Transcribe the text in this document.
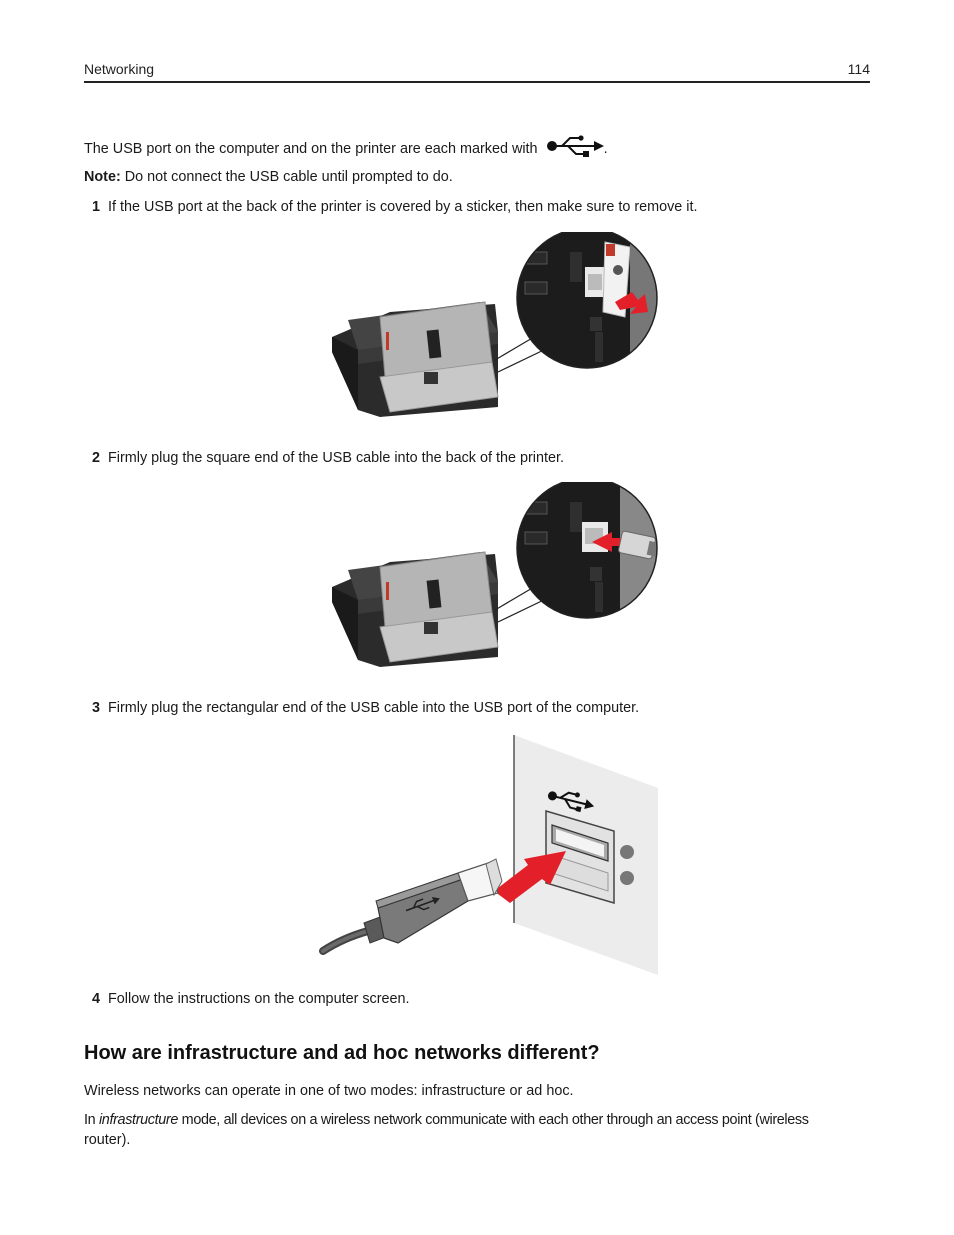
Networking	114
The USB port on the computer and on the printer are each marked with	.
Note: Do not connect the USB cable until prompted to do.
1 If the USB port at the back of the printer is covered by a sticker, then make sure to remove it.
2 Firmly plug the square end of the USB cable into the back of the printer.
3 Firmly plug the rectangular end of the USB cable into the USB port of the computer.
4 Follow the instructions on the computer screen.
How are infrastructure and ad hoc networks different?
Wireless networks can operate in one of two modes: infrastructure or ad hoc.
In infrastructure mode, all devices on a wireless network communicate with each other through an access point (wireless
router).
